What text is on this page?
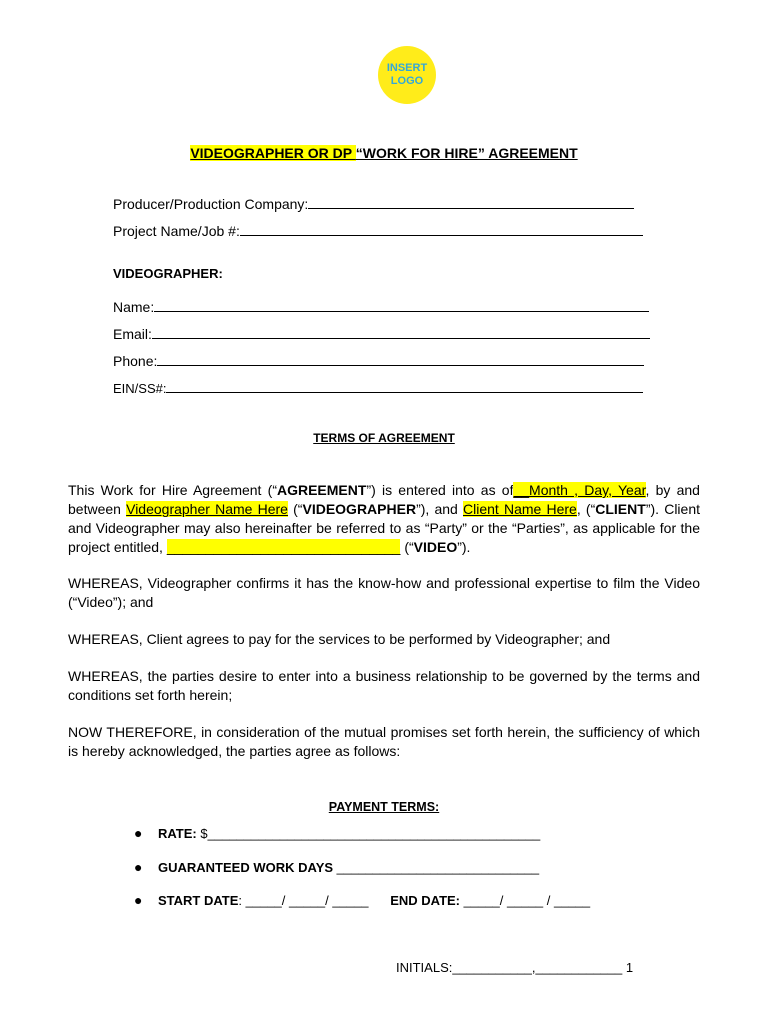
INSERT
LOGO
VIDEOGRAPHER OR DP “WORK FOR HIRE” AGREEMENT
Producer/Production Company:
Project Name/Job #:
VIDEOGRAPHER:
Name:
Email:
Phone:
EIN/SS#:
TERMS OF AGREEMENT

This Work for Hire Agreement (“AGREEMENT”) is entered into as of__Month , Day, Year, by and between Videographer Name Here (“VIDEOGRAPHER”), and Client Name Here, (“CLIENT”). Client and Videographer may also hereinafter be referred to as “Party” or the “Parties”, as applicable for the project entitled, ______________________________ (“VIDEO”).

WHEREAS, Videographer confirms it has the know-how and professional expertise to film the Video (“Video”); and

WHEREAS, Client agrees to pay for the services to be performed by Videographer; and

WHEREAS, the parties desire to enter into a business relationship to be governed by the terms and conditions set forth herein;

NOW THEREFORE, in consideration of the mutual promises set forth herein, the sufficiency of which is hereby acknowledged, the parties agree as follows:

PAYMENT TERMS:
● RATE: $______________________________________________
● GUARANTEED WORK DAYS ____________________________
● START DATE: _____/ _____/ _____ END DATE: _____/ _____ / _____
INITIALS:___________,____________ 1
